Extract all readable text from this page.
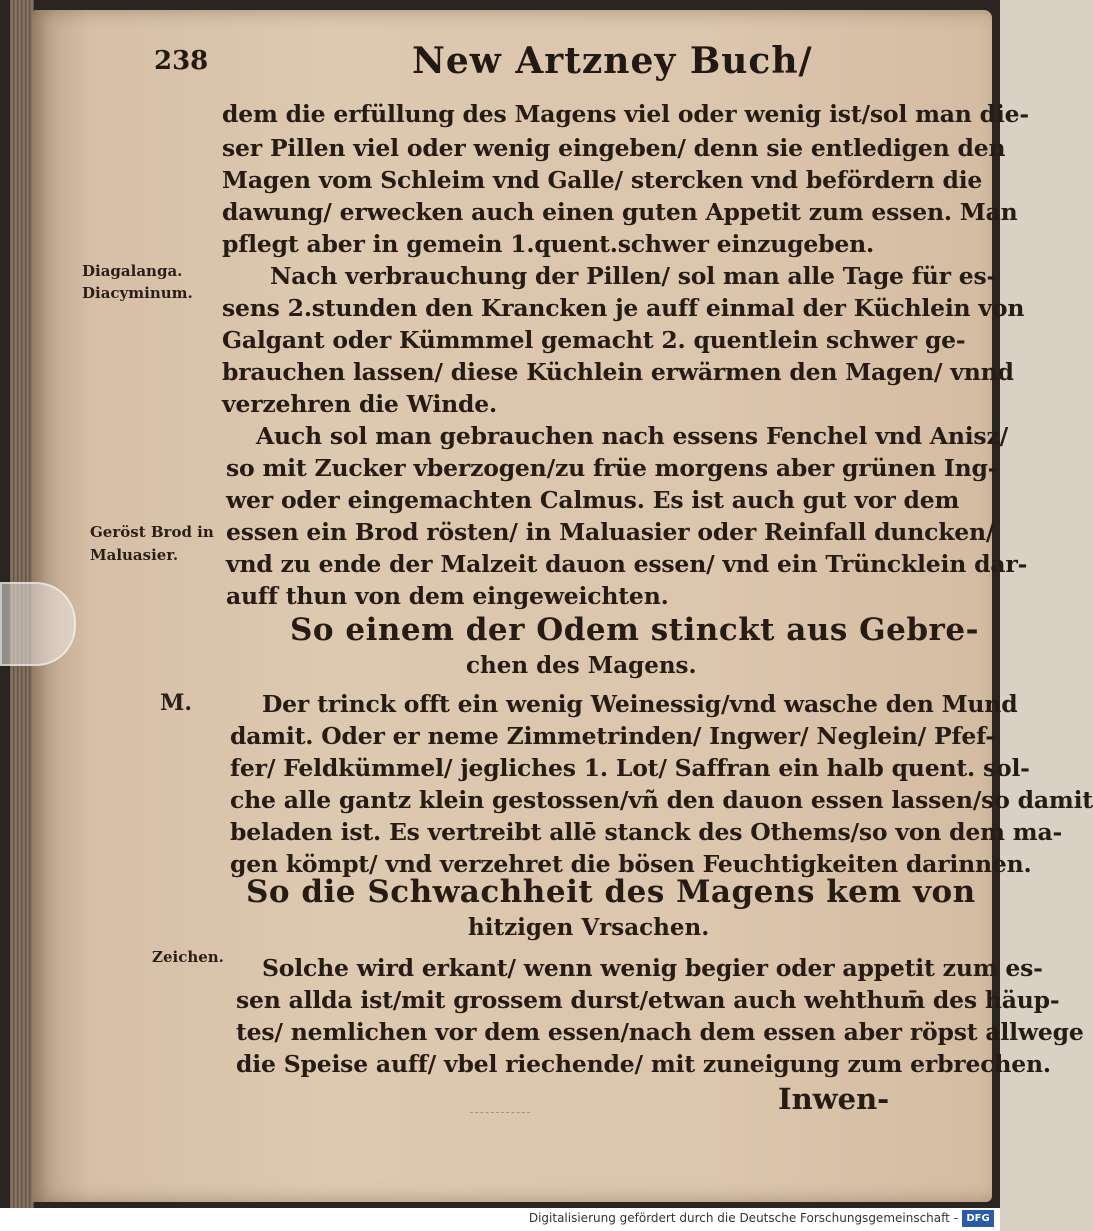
238	New Artzney Buch/
Diagalanga.
Diacyminum.
Geröst Brod in
Maluasier.
M.
Zeichen.
dem die erfüllung des Magens viel oder wenig ist/sol man die-
ser Pillen viel oder wenig eingeben/ denn sie entledigen den
Magen vom Schleim vnd Galle/ stercken vnd befördern die
dawung/ erwecken auch einen guten Appetit zum essen. Man
pflegt aber in gemein 1.quent.schwer einzugeben.
Nach verbrauchung der Pillen/ sol man alle Tage für es-
sens 2.stunden den Krancken je auff einmal der Küchlein von
Galgant oder Kümmmel gemacht 2. quentlein schwer ge-
brauchen lassen/ diese Küchlein erwärmen den Magen/ vnnd
verzehren die Winde.
Auch sol man gebrauchen nach essens Fenchel vnd Anisz/
so mit Zucker vberzogen/zu früe morgens aber grünen Ing-
wer oder eingemachten Calmus. Es ist auch gut vor dem
essen ein Brod rösten/ in Maluasier oder Reinfall duncken/
vnd zu ende der Malzeit dauon essen/ vnd ein Trüncklein dar-
auff thun von dem eingeweichten.
So einem der Odem stinckt aus Gebre-
chen des Magens.
Der trinck offt ein wenig Weinessig/vnd wasche den Mund
damit. Oder er neme Zimmetrinden/ Ingwer/ Neglein/ Pfef-
fer/ Feldkümmel/ jegliches 1. Lot/ Saffran ein halb quent. sol-
che alle gantz klein gestossen/vñ den dauon essen lassen/so damit
beladen ist. Es vertreibt allē stanck des Othems/so von dem ma-
gen kömpt/ vnd verzehret die bösen Feuchtigkeiten darinnen.
So die Schwachheit des Magens kem von
hitzigen Vrsachen.
Solche wird erkant/ wenn wenig begier oder appetit zum es-
sen allda ist/mit grossem durst/etwan auch wehthum̄ des häup-
tes/ nemlichen vor dem essen/nach dem essen aber röpst allwege
die Speise auff/ vbel riechende/ mit zuneigung zum erbrechen.
Inwen-
Digitalisierung gefördert durch die Deutsche Forschungsgemeinschaft - DFG
